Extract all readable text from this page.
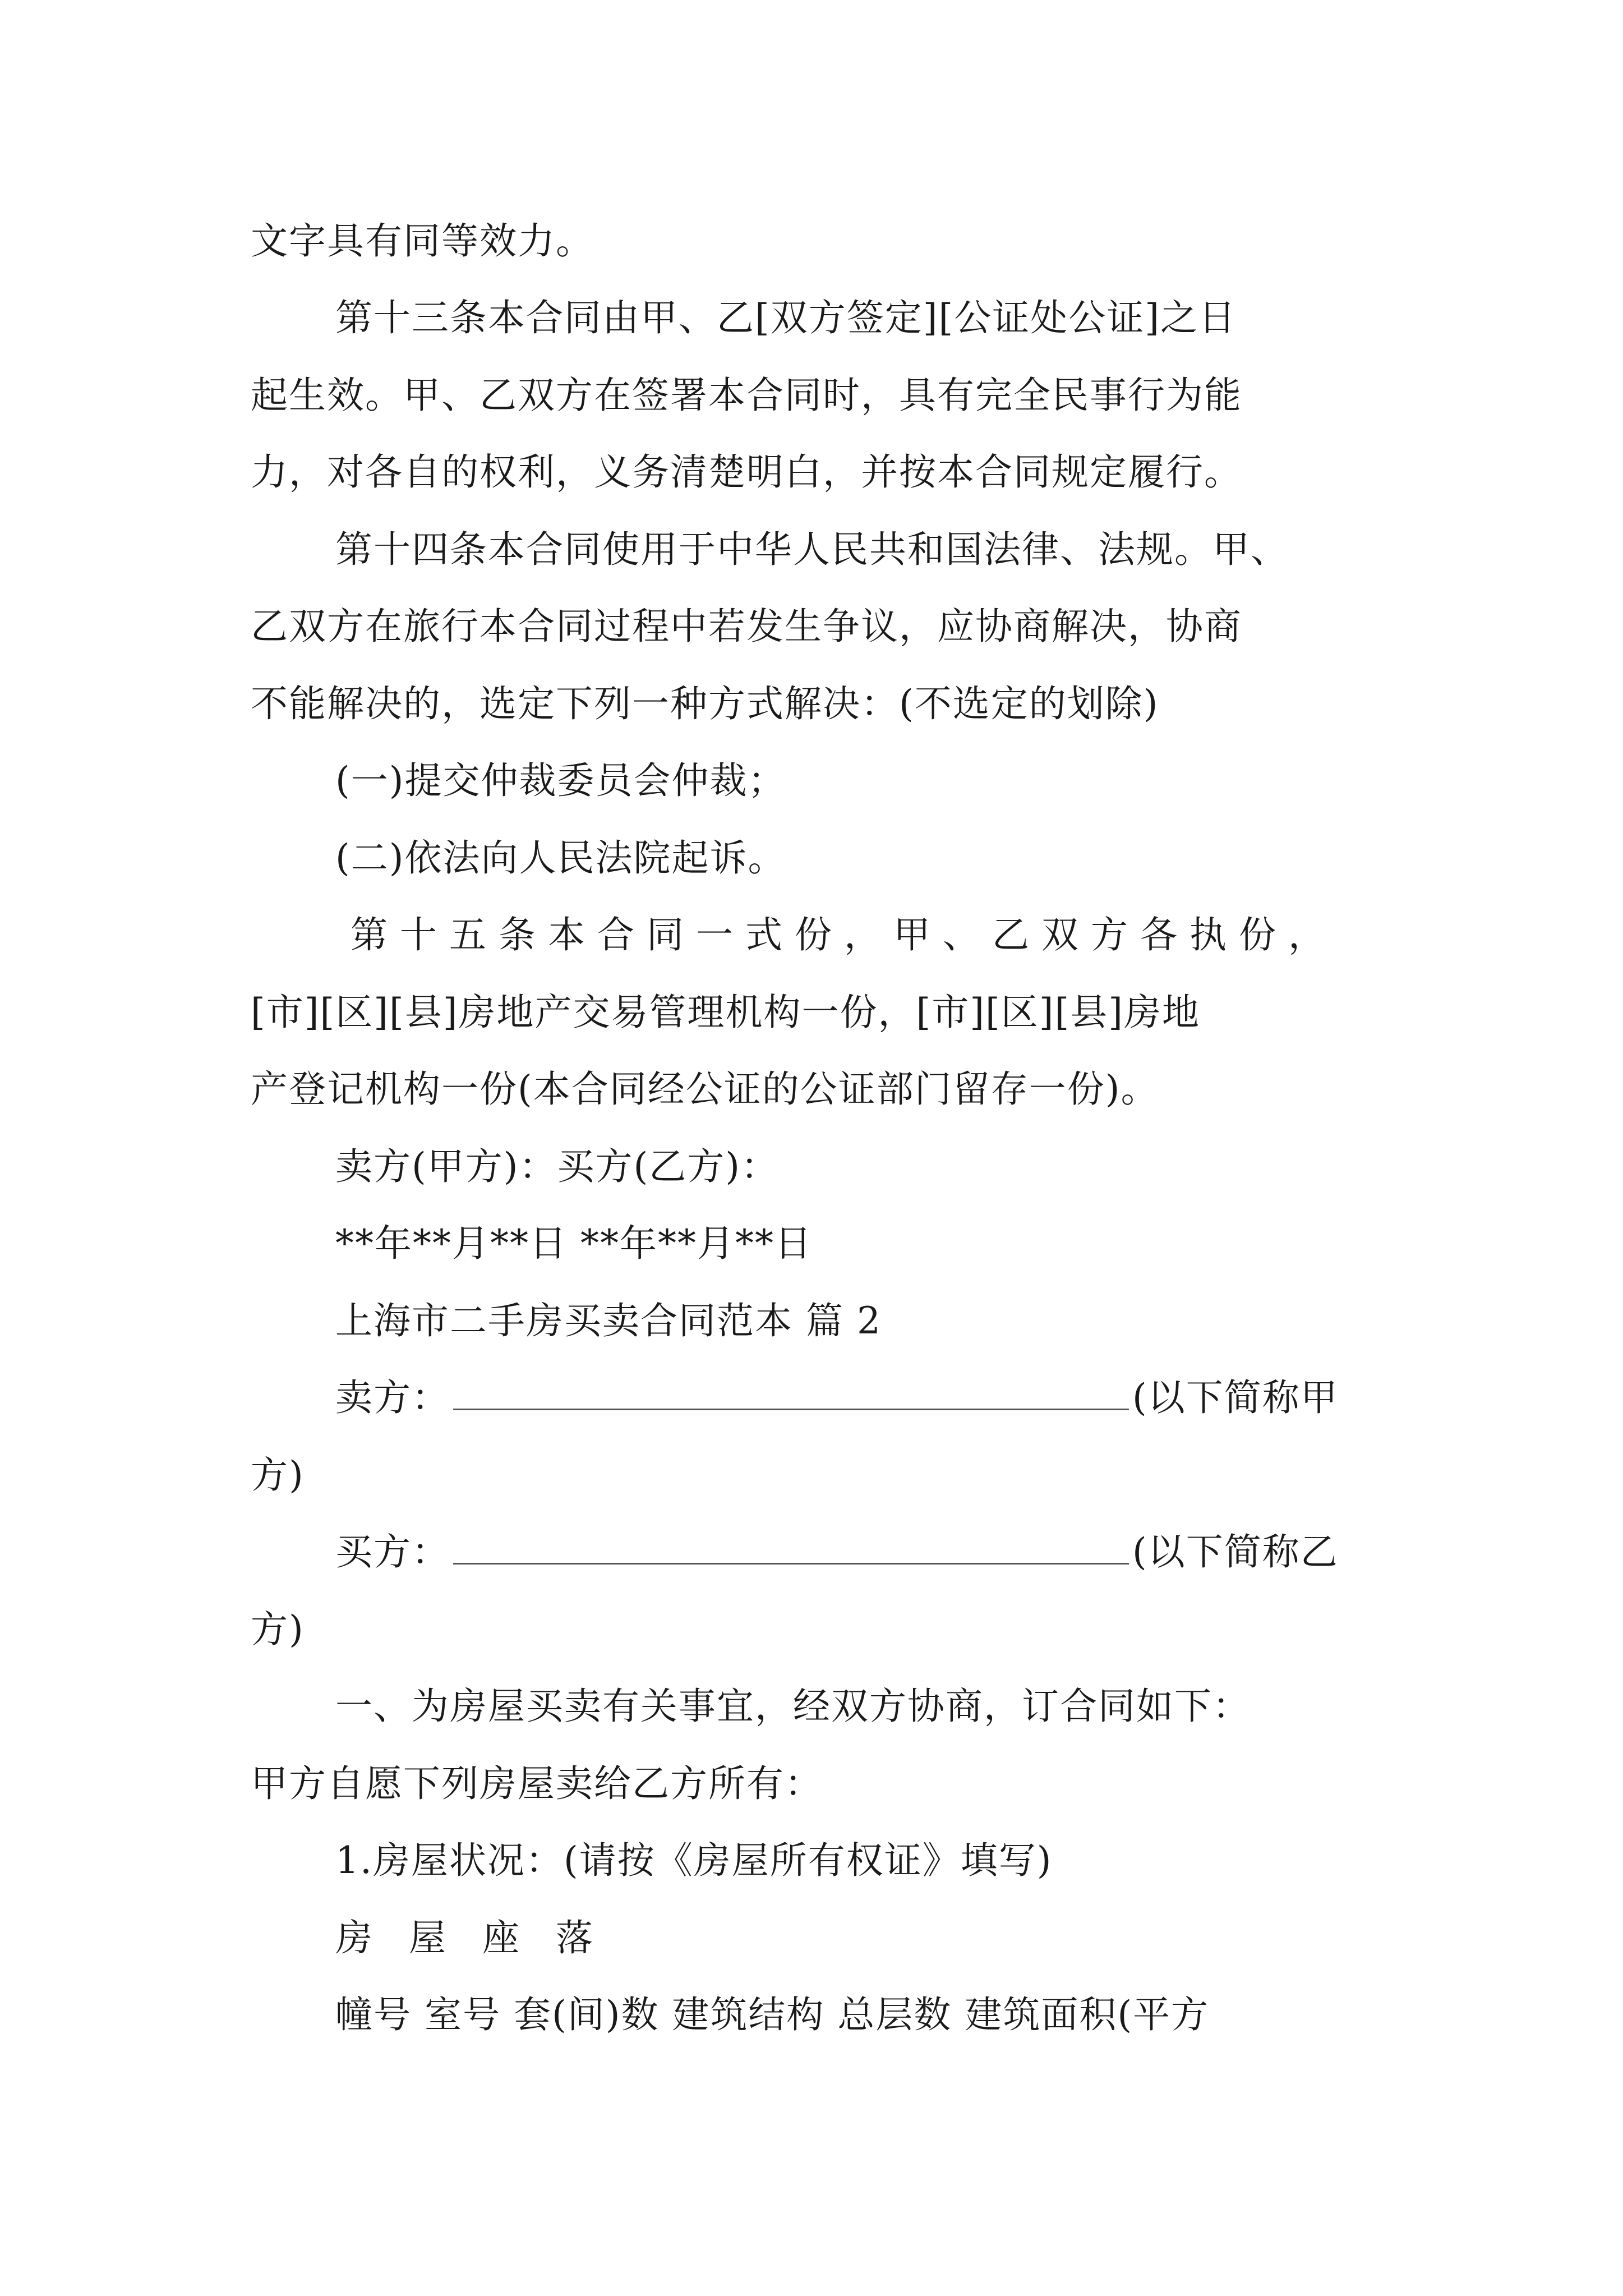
文字具有同等效力。
第十三条本合同由甲、乙[双方签定][公证处公证]之日
起生效。甲、乙双方在签署本合同时，具有完全民事行为能
力，对各自的权利，义务清楚明白，并按本合同规定履行。
第十四条本合同使用于中华人民共和国法律、法规。甲、
乙双方在旅行本合同过程中若发生争议，应协商解决，协商
不能解决的，选定下列一种方式解决：(不选定的划除)
(一)提交仲裁委员会仲裁；
(二)依法向人民法院起诉。
第十五条本合同一式份，甲、乙双方各执份，
[市][区][县]房地产交易管理机构一份，[市][区][县]房地
产登记机构一份(本合同经公证的公证部门留存一份)。
卖方(甲方)：买方(乙方)：
**年**月**日 **年**月**日
上海市二手房买卖合同范本 篇 2
卖方：	(以下简称甲
方)
买方：	(以下简称乙
方)
一、为房屋买卖有关事宜，经双方协商，订合同如下：
甲方自愿下列房屋卖给乙方所有：
1.房屋状况：(请按《房屋所有权证》填写)
房 屋 座 落
幢号 室号 套(间)数 建筑结构 总层数 建筑面积(平方
